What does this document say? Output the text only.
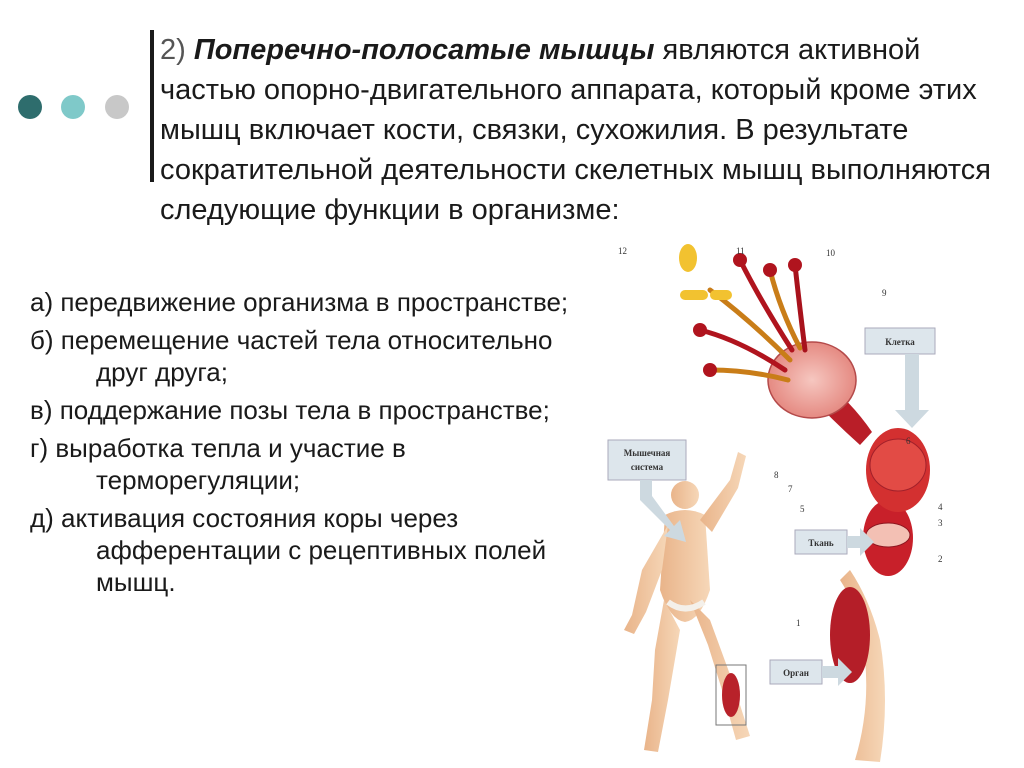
2) Поперечно-полосатые мышцы являются активной частью опорно-двигательного аппарата, который кроме этих мышц включает кости, связки, сухожилия. В результате сократительной деятельности скелетных мышц выполняются следующие функции в организме:
а) передвижение организма в пространстве;
б) перемещение частей тела относительно друг друга;
в) поддержание позы тела в пространстве;
г) выработка тепла и участие в терморегуляции;
д) активация состояния коры через афферентации с рецептивных полей мышц.
Клетка
Мышечная
система
Ткань
Орган
12	11	10
9
6
8
7
5	4
3
2
1
